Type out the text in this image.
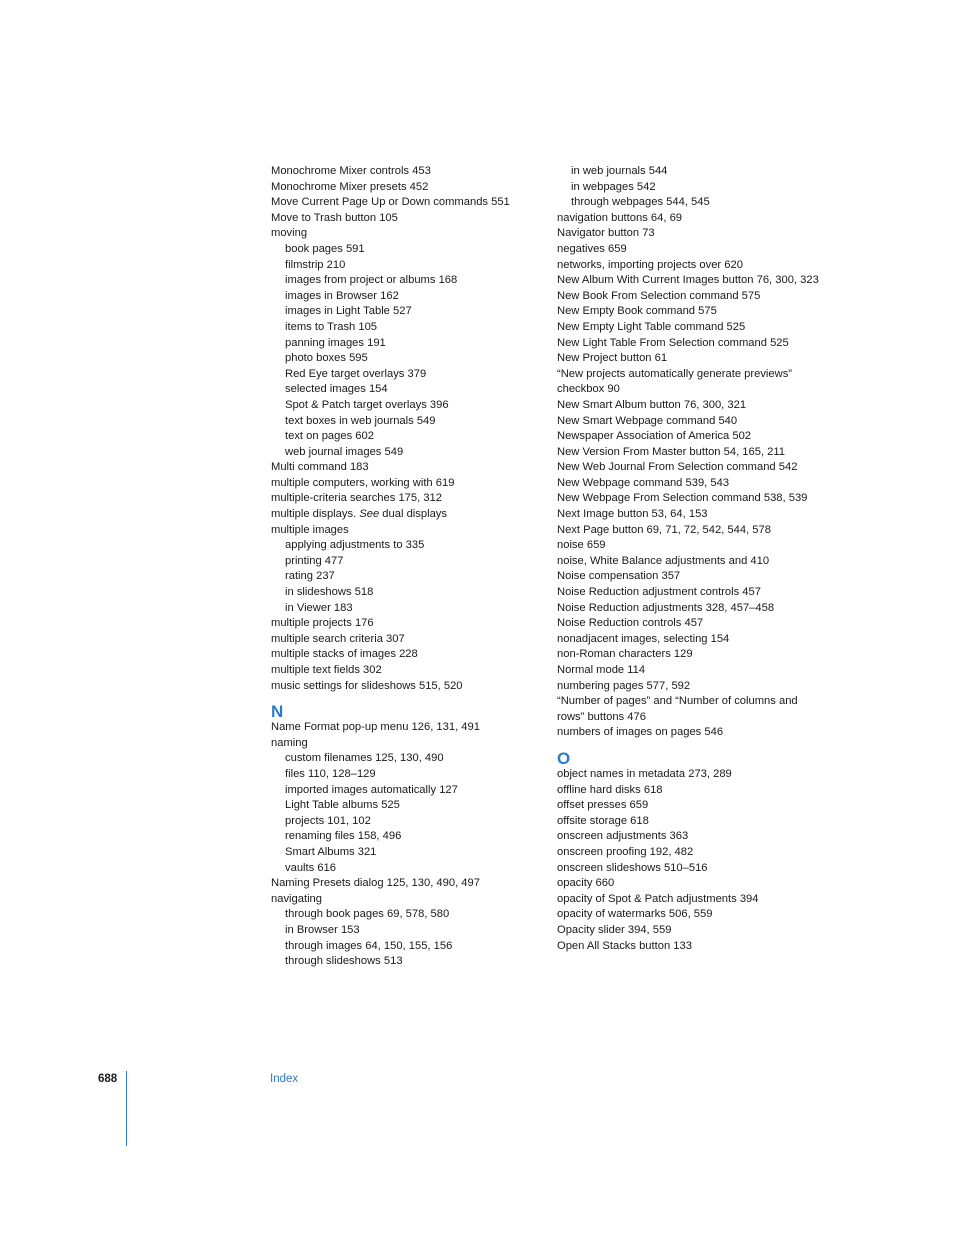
Monochrome Mixer controls 453
Monochrome Mixer presets 452
Move Current Page Up or Down commands 551
Move to Trash button 105
moving
book pages 591
filmstrip 210
images from project or albums 168
images in Browser 162
images in Light Table 527
items to Trash 105
panning images 191
photo boxes 595
Red Eye target overlays 379
selected images 154
Spot & Patch target overlays 396
text boxes in web journals 549
text on pages 602
web journal images 549
Multi command 183
multiple computers, working with 619
multiple-criteria searches 175, 312
multiple displays. See dual displays
multiple images
applying adjustments to 335
printing 477
rating 237
in slideshows 518
in Viewer 183
multiple projects 176
multiple search criteria 307
multiple stacks of images 228
multiple text fields 302
music settings for slideshows 515, 520
N
Name Format pop-up menu 126, 131, 491
naming
custom filenames 125, 130, 490
files 110, 128–129
imported images automatically 127
Light Table albums 525
projects 101, 102
renaming files 158, 496
Smart Albums 321
vaults 616
Naming Presets dialog 125, 130, 490, 497
navigating
through book pages 69, 578, 580
in Browser 153
through images 64, 150, 155, 156
through slideshows 513
in web journals 544
in webpages 542
through webpages 544, 545
navigation buttons 64, 69
Navigator button 73
negatives 659
networks, importing projects over 620
New Album With Current Images button 76, 300, 323
New Book From Selection command 575
New Empty Book command 575
New Empty Light Table command 525
New Light Table From Selection command 525
New Project button 61
“New projects automatically generate previews” checkbox 90
New Smart Album button 76, 300, 321
New Smart Webpage command 540
Newspaper Association of America 502
New Version From Master button 54, 165, 211
New Web Journal From Selection command 542
New Webpage command 539, 543
New Webpage From Selection command 538, 539
Next Image button 53, 64, 153
Next Page button 69, 71, 72, 542, 544, 578
noise 659
noise, White Balance adjustments and 410
Noise compensation 357
Noise Reduction adjustment controls 457
Noise Reduction adjustments 328, 457–458
Noise Reduction controls 457
nonadjacent images, selecting 154
non-Roman characters 129
Normal mode 114
numbering pages 577, 592
“Number of pages” and “Number of columns and rows” buttons 476
numbers of images on pages 546
O
object names in metadata 273, 289
offline hard disks 618
offset presses 659
offsite storage 618
onscreen adjustments 363
onscreen proofing 192, 482
onscreen slideshows 510–516
opacity 660
opacity of Spot & Patch adjustments 394
opacity of watermarks 506, 559
Opacity slider 394, 559
Open All Stacks button 133
688	Index
